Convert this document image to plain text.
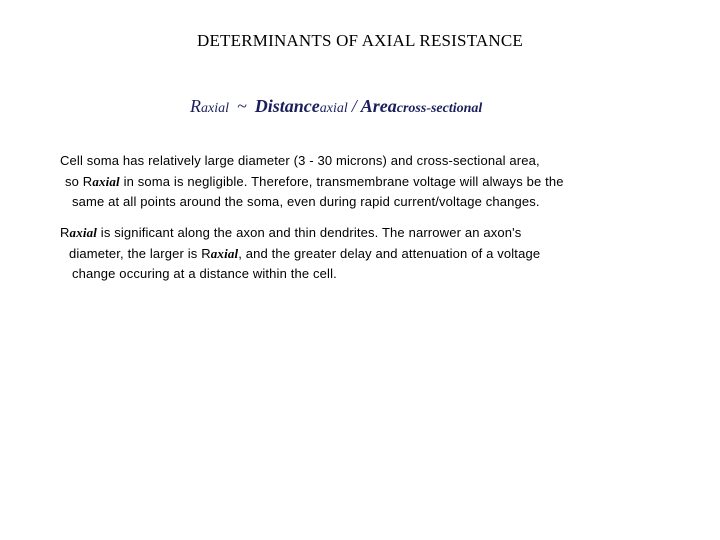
DETERMINANTS OF AXIAL RESISTANCE
Raxial ~ Distanceaxial / Areacross-sectional
Cell soma has relatively large diameter (3 - 30 microns) and cross-sectional area,
so Raxial in soma is negligible. Therefore, transmembrane voltage will always be the
same at all points around the soma, even during rapid current/voltage changes.
Raxial is significant along the axon and thin dendrites. The narrower an axon's
diameter, the larger is Raxial, and the greater delay and attenuation of a voltage
change occuring at a distance within the cell.
